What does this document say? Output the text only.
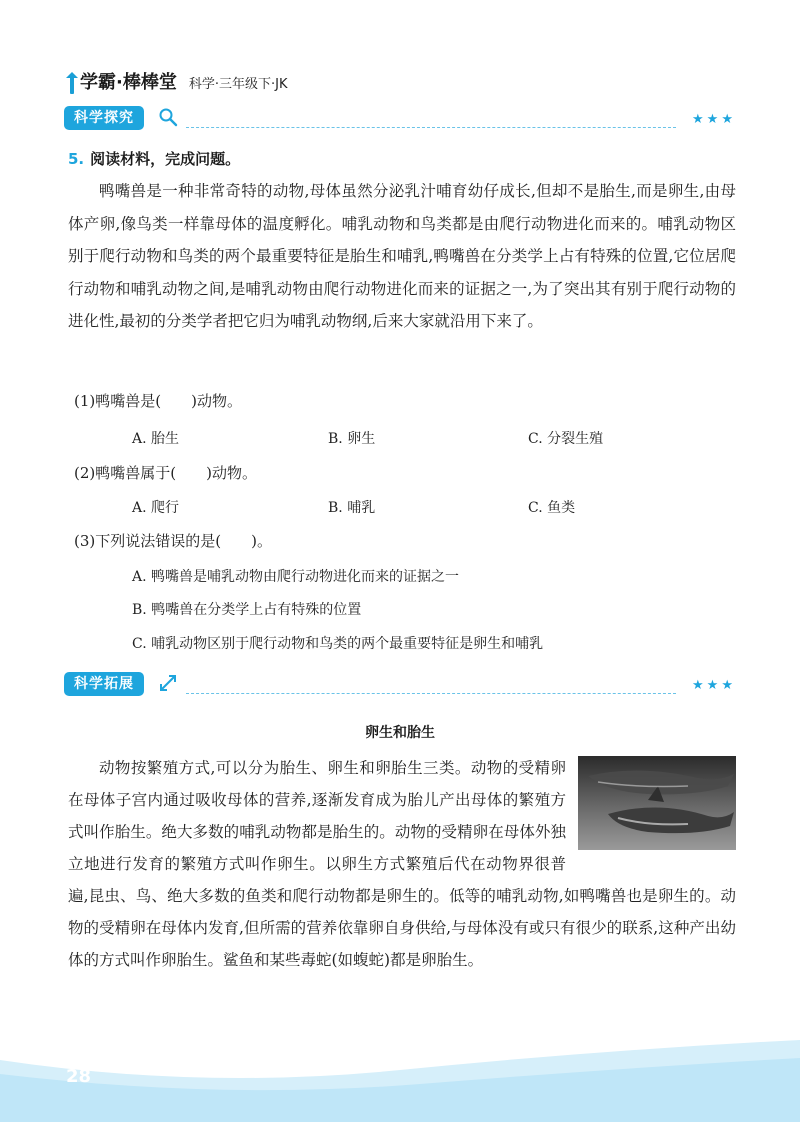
学霸·棒棒堂 科学·三年级下·JK
科学探究	★★★
5. 阅读材料，完成问题。
鸭嘴兽是一种非常奇特的动物,母体虽然分泌乳汁哺育幼仔成长,但却不是胎生,而是卵生,由母体产卵,像鸟类一样靠母体的温度孵化。哺乳动物和鸟类都是由爬行动物进化而来的。哺乳动物区别于爬行动物和鸟类的两个最重要特征是胎生和哺乳,鸭嘴兽在分类学上占有特殊的位置,它位居爬行动物和哺乳动物之间,是哺乳动物由爬行动物进化而来的证据之一,为了突出其有别于爬行动物的进化性,最初的分类学者把它归为哺乳动物纲,后来大家就沿用下来了。
(1)鸭嘴兽是(　　)动物。
A. 胎生	B. 卵生	C. 分裂生殖
(2)鸭嘴兽属于(　　)动物。
A. 爬行	B. 哺乳	C. 鱼类
(3)下列说法错误的是(　　)。
A. 鸭嘴兽是哺乳动物由爬行动物进化而来的证据之一
B. 鸭嘴兽在分类学上占有特殊的位置
C. 哺乳动物区别于爬行动物和鸟类的两个最重要特征是卵生和哺乳
科学拓展	★★★
卵生和胎生

动物按繁殖方式,可以分为胎生、卵生和卵胎生三类。动物的受精卵在母体子宫内通过吸收母体的营养,逐渐发育成为胎儿产出母体的繁殖方式叫作胎生。绝大多数的哺乳动物都是胎生的。动物的受精卵在母体外独立地进行发育的繁殖方式叫作卵生。以卵生方式繁殖后代在动物界很普遍,昆虫、鸟、绝大多数的鱼类和爬行动物都是卵生的。低等的哺乳动物,如鸭嘴兽也是卵生的。动物的受精卵在母体内发育,但所需的营养依靠卵自身供给,与母体没有或只有很少的联系,这种产出幼体的方式叫作卵胎生。鲨鱼和某些毒蛇(如蝮蛇)都是卵胎生。

28
